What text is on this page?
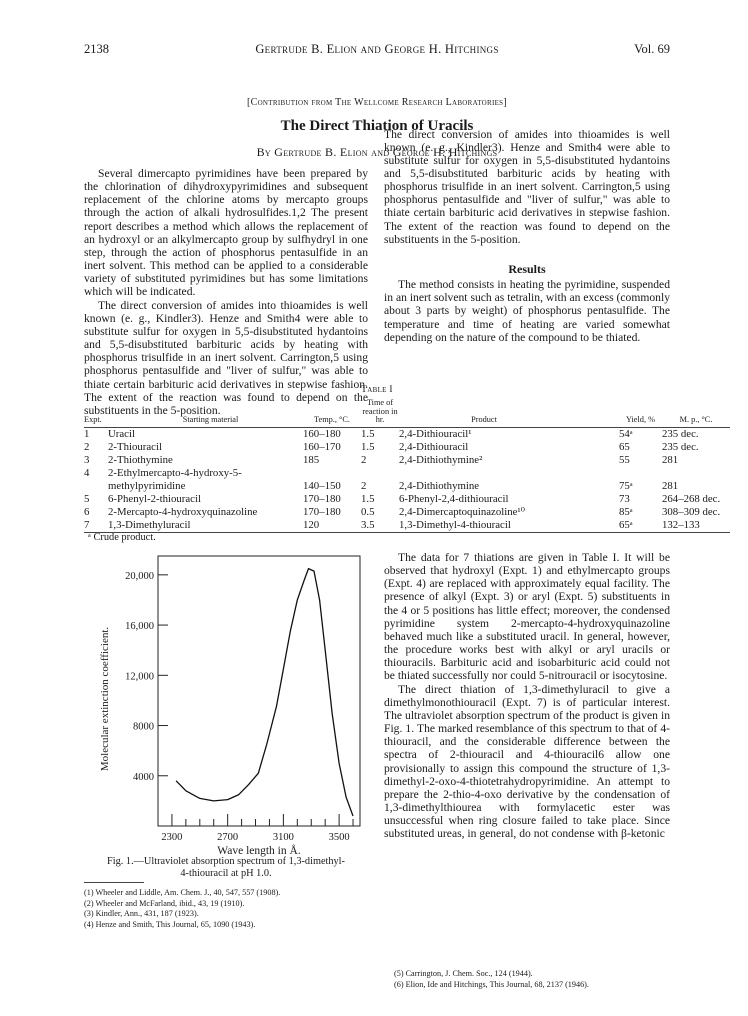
2138	Gertrude B. Elion and George H. Hitchings	Vol. 69
[Contribution from The Wellcome Research Laboratories]
The Direct Thiation of Uracils
By Gertrude B. Elion and George H. Hitchings

Several dimercapto pyrimidines have been prepared by the chlorination of dihydroxypyrimidines and subsequent replacement of the chlorine atoms by mercapto groups through the action of alkali hydrosulfides.1,2 The present report describes a method which allows the replacement of an hydroxyl or an alkylmercapto group by sulfhydryl in one step, through the action of phosphorus pentasulfide in an inert solvent. This method can be applied to a considerable variety of substituted pyrimidines but has some limitations which will be indicated.

The direct conversion of amides into thioamides is well known (e. g., Kindler3). Henze and Smith4 were able to substitute sulfur for oxygen in 5,5-disubstituted hydantoins and 5,5-disubstituted barbituric acids by heating with phosphorus trisulfide in an inert solvent. Carrington,5 using phosphorus pentasulfide and "liver of sulfur," was able to thiate certain barbituric acid derivatives in stepwise fashion. The extent of the reaction was found to depend on the substituents in the 5-position.

The direct conversion of amides into thioamides is well known (e. g., Kindler3). Henze and Smith4 were able to substitute sulfur for oxygen in 5,5-disubstituted hydantoins and 5,5-disubstituted barbituric acids by heating with phosphorus trisulfide in an inert solvent. Carrington,5 using phosphorus pentasulfide and "liver of sulfur," was able to thiate certain barbituric acid derivatives in stepwise fashion. The extent of the reaction was found to depend on the substituents in the 5-position.

Results

The method consists in heating the pyrimidine, suspended in an inert solvent such as tetralin, with an excess (commonly about 3 parts by weight) of phosphorus pentasulfide. The temperature and time of heating are varied somewhat depending on the nature of the compound to be thiated.

Table I
Expt.	Starting material	Temp., °C.	Time of reaction in hr.	Product	Yield, %	M. p., °C.
1	Uracil	160–180	1.5	2,4-Dithiouracil¹	54ᵃ	235 dec.
2	2-Thiouracil	160–170	1.5	2,4-Dithiouracil	65	235 dec.
3	2-Thiothymine	185	2	2,4-Dithiothymine²	55	281
4	2-Ethylmercapto-4-hydroxy-5-					
	methylpyrimidine	140–150	2	2,4-Dithiothymine	75ᵃ	281
5	6-Phenyl-2-thiouracil	170–180	1.5	6-Phenyl-2,4-dithiouracil	73	264–268 dec.
6	2-Mercapto-4-hydroxyquinazoline	170–180	0.5	2,4-Dimercaptoquinazoline¹⁰	85ᵃ	308–309 dec.
7	1,3-Dimethyluracil	120	3.5	1,3-Dimethyl-4-thiouracil	65ᵃ	132–133
ᵃ Crude product.
4000
8000
12,000
16,000
20,000
2300	2700	3100	3500
Wave length in Å.
Molecular extinction coefficient.
Fig. 1.—Ultraviolet absorption spectrum of 1,3-dimethyl-
4-thiouracil at pH 1.0.
(1) Wheeler and Liddle, Am. Chem. J., 40, 547, 557 (1908).
(2) Wheeler and McFarland, ibid., 43, 19 (1910).
(3) Kindler, Ann., 431, 187 (1923).
(4) Henze and Smith, This Journal, 65, 1090 (1943).

The data for 7 thiations are given in Table I. It will be observed that hydroxyl (Expt. 1) and ethylmercapto groups (Expt. 4) are replaced with approximately equal facility. The presence of alkyl (Expt. 3) or aryl (Expt. 5) substituents in the 4 or 5 positions has little effect; moreover, the condensed pyrimidine system 2-mercapto-4-hydroxyquinazoline behaved much like a substituted uracil. In general, however, the procedure works best with alkyl or aryl uracils or thiouracils. Barbituric acid and isobarbituric acid could not be thiated successfully nor could 5-nitrouracil or isocytosine.

The direct thiation of 1,3-dimethyluracil to give a dimethylmonothiouracil (Expt. 7) is of particular interest. The ultraviolet absorption spectrum of the product is given in Fig. 1. The marked resemblance of this spectrum to that of 4-thiouracil, and the considerable difference between the spectra of 2-thiouracil and 4-thiouracil6 allow one provisionally to assign this compound the structure of 1,3-dimethyl-2-oxo-4-thiotetrahydropyrimidine. An attempt to prepare the 2-thio-4-oxo derivative by the condensation of 1,3-dimethylthiourea with formylacetic ester was unsuccessful when ring closure failed to take place. Since substituted ureas, in general, do not condense with β-ketonic

(5) Carrington, J. Chem. Soc., 124 (1944).
(6) Elion, Ide and Hitchings, This Journal, 68, 2137 (1946).
